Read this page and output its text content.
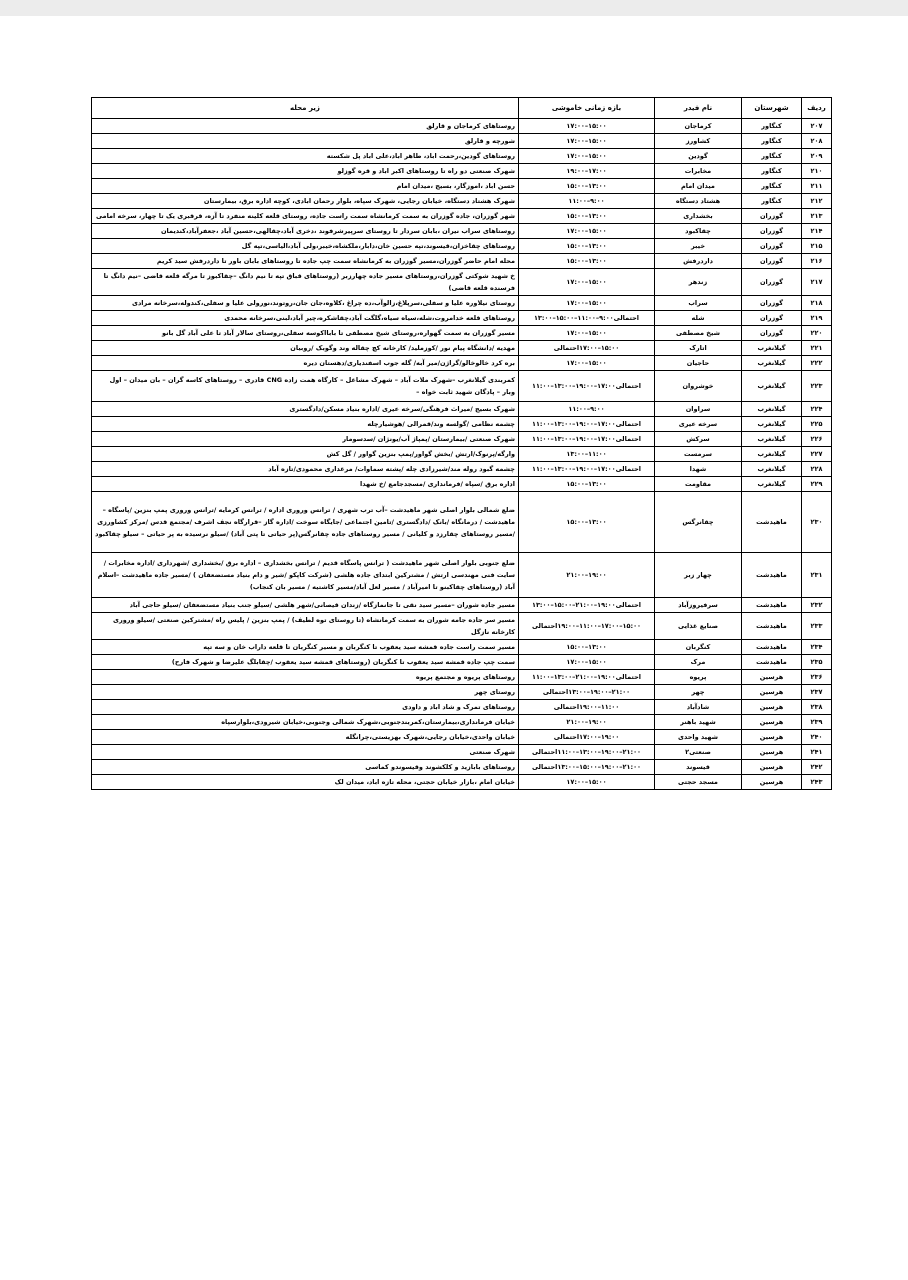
ردیف	شهرستان	نام فیدر	بازه زمانی خاموشی	زیر محله
۲۰۷	کنگاور	کرماجان	۱۵:۰۰–۱۷:۰۰	روستاهای کرماجان و قارلق
۲۰۸	کنگاور	کشاورز	۱۵:۰۰–۱۷:۰۰	شورچه و قارلق
۲۰۹	کنگاور	گودین	۱۵:۰۰–۱۷:۰۰	روستاهای گودین،رحمت اباد، طاهر اباد،علی اباد پل شکسته
۲۱۰	کنگاور	مخابرات	۱۷:۰۰–۱۹:۰۰	شهرک صنعتی دو راه تا روستاهای اکبر اباد و قره گوزلو
۲۱۱	کنگاور	میدان امام	۱۳:۰۰–۱۵:۰۰	حسن اباد ،اموزگار، بسیج ،میدان امام
۲۱۲	کنگاور	هشتاد دستگاه	۹:۰۰–۱۱:۰۰	شهرک هشتاد دستگاه، خیابان رجایی، شهرک سپاه، بلوار رحمان ابادی، کوچه اداره برق، بیمارستان
۲۱۳	گوزران	بخشداری	۱۳:۰۰–۱۵:۰۰	شهر گوزران، جاده گوزران به سمت کرمانشاه سمت راست جاده، روستای قلعه کلینه منفرد تا آزه، قرقبری یک تا چهار، سرخه امامی
۲۱۴	گوزران	چقاکبود	۱۵:۰۰–۱۷:۰۰	روستاهای سراب نیران ،بابان سردار تا روستای سرپیرشرفوند ،دخری آباد،چقالهی،حسین آباد ،جعفرآباد،کندیمان
۲۱۵	گوزران	خیبر	۱۳:۰۰–۱۵:۰۰	روستاهای چقاخزان،قیسوند،تپه حسین خان،دابار،ملکشاه،خیبر،ولی آباد،الیاسی،تپه گل
۲۱۶	گوزران	داردرفش	۱۳:۰۰–۱۵:۰۰	محله امام حاضر گوزران،مسیر گوزران به کرمانشاه سمت چپ جاده تا روستاهای بابان باور تا داردرفش سید کریم
۲۱۷	گوزران	زندهر	۱۵:۰۰–۱۷:۰۰	خ شهید شوکتی گوزران،روستاهای مسیر جاده چهارزبر (روستاهای قباق تپه تا نیم دانگ –چقاکبوز تا مرگه قلعه قاضی –نیم دانگ تا فرسنده قلعه قاضی)
۲۱۸	گوزران	سراب	۱۵:۰۰–۱۷:۰۰	روستای نیلاوره علیا و سفلی،سرپلاغ،زالوآب،ده چراغ ،کلاوه،جان جان،روتوند،نورولی علیا و سفلی،کندوله،سرخانه مرادی
۲۱۹	گوزران	شله	احتمالی۹:۰۰–۱۱:۰۰–۱۵:۰۰–۱۳:۰۰	روستاهای قلعه خدامروت،شله،سیاه سیاه،گلگت آباد،چقاشکره،چیر آباد،لبنی،سرخانه محمدی
۲۲۰	گوزران	شیخ مصطفی	۱۵:۰۰–۱۷:۰۰	مسیر گوزران به سمت گهواره،روستای شیخ مصطفی تا بابااکوسه سفلی،روستای سالار آباد تا علی آباد گل بانو
۲۲۱	گیلانغرب	اتارک	۱۵:۰۰–۱۷:۰۰احتمالی	مهدیه /دانشگاه پیام نور /کوزملید/ کارخانه کچ چقاله وند وگوبک /روبیان
۲۲۲	گیلانغرب	حاجیان	۱۵:۰۰–۱۷:۰۰	بره کرد خالوخالو/گراژن/میر آبه/ گله جوب اسفندیاری/دهستان دیره
۲۲۳	گیلانغرب	خوشروان	احتمالی۱۷:۰۰–۱۹:۰۰–۱۳:۰۰–۱۱:۰۰	کمربندی گیلانغرب –شهرک ملات آباد – شهرک مشاغل – کارگاه همت زاده CNG قادری – روستاهای کاسه گران – بان میدان – اول وبار – پادگان شهید ثابت خواه –
۲۲۴	گیلانغرب	سراوان	۹:۰۰–۱۱:۰۰	شهرک بسیج /میراث فرهنگی/سرخه عیری /اداره بنیاد مسکن/دادگستری
۲۲۵	گیلانغرب	سرخه عیری	احتمالی۱۷:۰۰–۱۹:۰۰–۱۳:۰۰–۱۱:۰۰	چشمه نظامی /گولسه وند/قمرالی /هوشیارچله
۲۲۶	گیلانغرب	سرکش	احتمالی۱۷:۰۰–۱۹:۰۰–۱۳:۰۰–۱۱:۰۰	شهرک صنعتی /بیمارستان /پمپاژ آب/یونژان /سدسومار
۲۲۷	گیلانغرب	سرمست	۱۱:۰۰–۱۳:۰۰	وارگه/پرنوک/ارتش /بخش گواور/پمپ بنزین گواور / گل کش
۲۲۸	گیلانغرب	شهدا	احتمالی۱۷:۰۰–۱۹:۰۰–۱۳:۰۰–۱۱:۰۰	چشمه گبود روله مند/شیرزادی چله /پشته سماوات/ مرغداری محمودی/تازه آباد
۲۲۹	گیلانغرب	مقاومت	۱۳:۰۰–۱۵:۰۰	اداره برق /سپاه /فرمانداری /مسجدجامع /خ شهدا
۲۳۰	ماهیدشت	چقانرگس	۱۳:۰۰–۱۵:۰۰	ضلع شمالی بلوار اصلی شهر ماهیدشت –آب ترب شهری / ترانس وروری اداره / ترانس کرمایه /ترانس وروری پمپ بنزین /پاسگاه – ماهیدشت / درمانگاه /بانک /دادگستری /تامین اجتماعی /جایگاه سوخت /اداره گاز –قرارگاه نجف اشرف /مجتمع قدس /مرکز کشاورزی /مسیر روستاهای چقارزد و کلیانی / مسیر روستاهای جاده چقانرگس(پر حیاتی تا پتی آباد) /سیلو نرسیده به پر حیاتی – سیلو چقاکبود
۲۳۱	ماهیدشت	چهار زبر	۱۹:۰۰–۲۱:۰۰	ضلع جنوبی بلوار اصلی شهر ماهیدشت ( ترانس پاسگاه قدیم / ترانس بخشداری – اداره برق /بخشداری /شهرداری /اداره مخابرات /سایت فنی مهندسی ارتش / مشترکین ابتدای جاده هلشی (شرکت کاپکو /شیر و دام بنیاد مستضعفان ) /مسیر جاده ماهیدشت –اسلام آباد (روستاهای چقاکبنو تا امیرآباد / مسیر لعل آباد/مسیر کاشتیه / مسیر بان کنجاب)
۲۳۲	ماهیدشت	سرفیروزآباد	احتمالی۱۹:۰۰–۲۱:۰۰–۱۵:۰۰–۱۳:۰۰	مسیر جاده شوران –مسیر سید نقی تا جانمازگاه /زندان قیصانی/شهر هلشی /سیلو جنب بنیاد مستضعفان /سیلو حاجی آباد
۲۳۳	ماهیدشت	صنایع غذایی	۱۵:۰۰–۱۷:۰۰–۱۱:۰۰–۱۹:۰۰احتمالی	مسیر سر جاده جامه شوران به سمت کرمانشاه (تا روستای توه لطیف) / پمپ بنزین / پلیس راه /مشترکین صنعتی /سیلو وروری کارخانه نازگل
۲۳۴	ماهیدشت	کنگربان	۱۳:۰۰–۱۵:۰۰	مسیر سمت راست جاده قمشه سید یعقوب تا کنگربان و مسیر کنگربان تا قلعه داراب خان و سه تپه
۲۳۵	ماهیدشت	مرک	۱۵:۰۰–۱۷:۰۰	سمت چپ جاده قمشه سید یعقوب تا کنگربان (روستاهای قمشه سید یعقوب /چقابلگ علیرضا و شهرک فارح)
۲۳۶	هرسین	پریوه	احتمالی۱۹:۰۰–۲۱:۰۰–۱۳:۰۰–۱۱:۰۰	روستاهای پریوه و مجتمع پریوه
۲۳۷	هرسین	چهر	۲۱:۰۰–۱۹:۰۰–۱۳:۰۰احتمالی	روستای چهر
۲۳۸	هرسین	شادآباد	۱۱:۰۰–۱۹:۰۰احتمالی	روستاهای تمرک و شاد اباد و داودی
۲۳۹	هرسین	شهید باهنر	۱۹:۰۰–۲۱:۰۰	خیابان فرمانداری،بیمارستان،کمربندجنوبی،شهرک شمالی وجنوبی،خیابان شیرودی،بلوارسپاه
۲۴۰	هرسین	شهید واحدی	۱۹:۰۰–۱۷:۰۰احتمالی	خیابان واحدی،خیابان رجایی،شهرک بهزیستی،چرانگله
۲۴۱	هرسین	صنعتی۲	۲۱:۰۰–۱۹:۰۰–۱۳:۰۰–۱۱:۰۰احتمالی	شهرک صنعتی
۲۴۲	هرسین	قیسوند	۲۱:۰۰–۱۹:۰۰–۱۵:۰۰–۱۳:۰۰احتمالی	روستاهای بابازید و کلکشوند وقیسوندو کماسی
۲۴۳	هرسین	مسجد حجتی	۱۵:۰۰–۱۷:۰۰	خیابان امام ،بازار خیابان حجتی، محله تازه اباد، میدان لک
